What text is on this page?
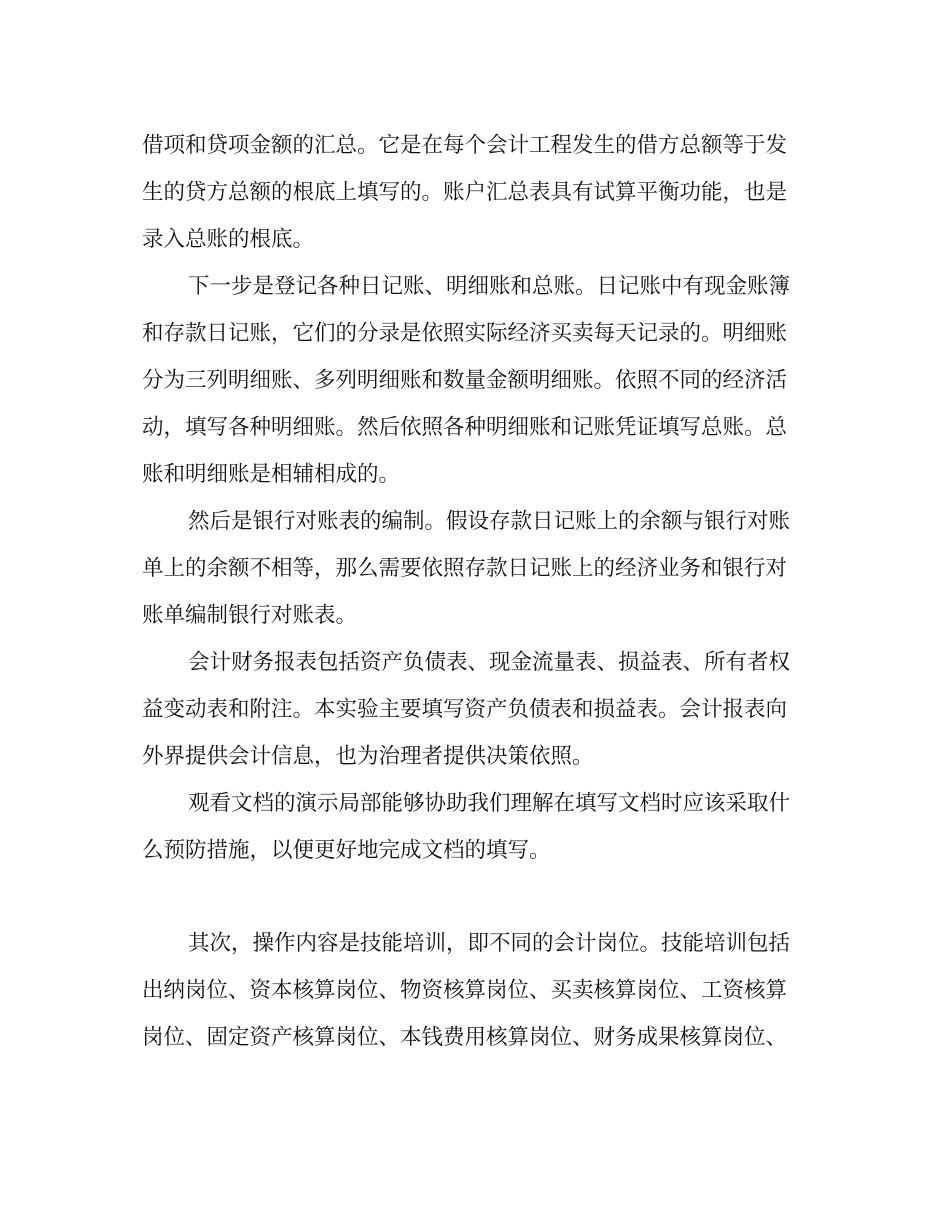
借项和贷项金额的汇总。它是在每个会计工程发生的借方总额等于发

生的贷方总额的根底上填写的。账户汇总表具有试算平衡功能，也是

录入总账的根底。

下一步是登记各种日记账、明细账和总账。日记账中有现金账簿

和存款日记账，它们的分录是依照实际经济买卖每天记录的。明细账

分为三列明细账、多列明细账和数量金额明细账。依照不同的经济活

动，填写各种明细账。然后依照各种明细账和记账凭证填写总账。总

账和明细账是相辅相成的。

然后是银行对账表的编制。假设存款日记账上的余额与银行对账

单上的余额不相等，那么需要依照存款日记账上的经济业务和银行对

账单编制银行对账表。

会计财务报表包括资产负债表、现金流量表、损益表、所有者权

益变动表和附注。本实验主要填写资产负债表和损益表。会计报表向

外界提供会计信息，也为治理者提供决策依照。

观看文档的演示局部能够协助我们理解在填写文档时应该采取什

么预防措施，以便更好地完成文档的填写。

其次，操作内容是技能培训，即不同的会计岗位。技能培训包括

出纳岗位、资本核算岗位、物资核算岗位、买卖核算岗位、工资核算

岗位、固定资产核算岗位、本钱费用核算岗位、财务成果核算岗位、
